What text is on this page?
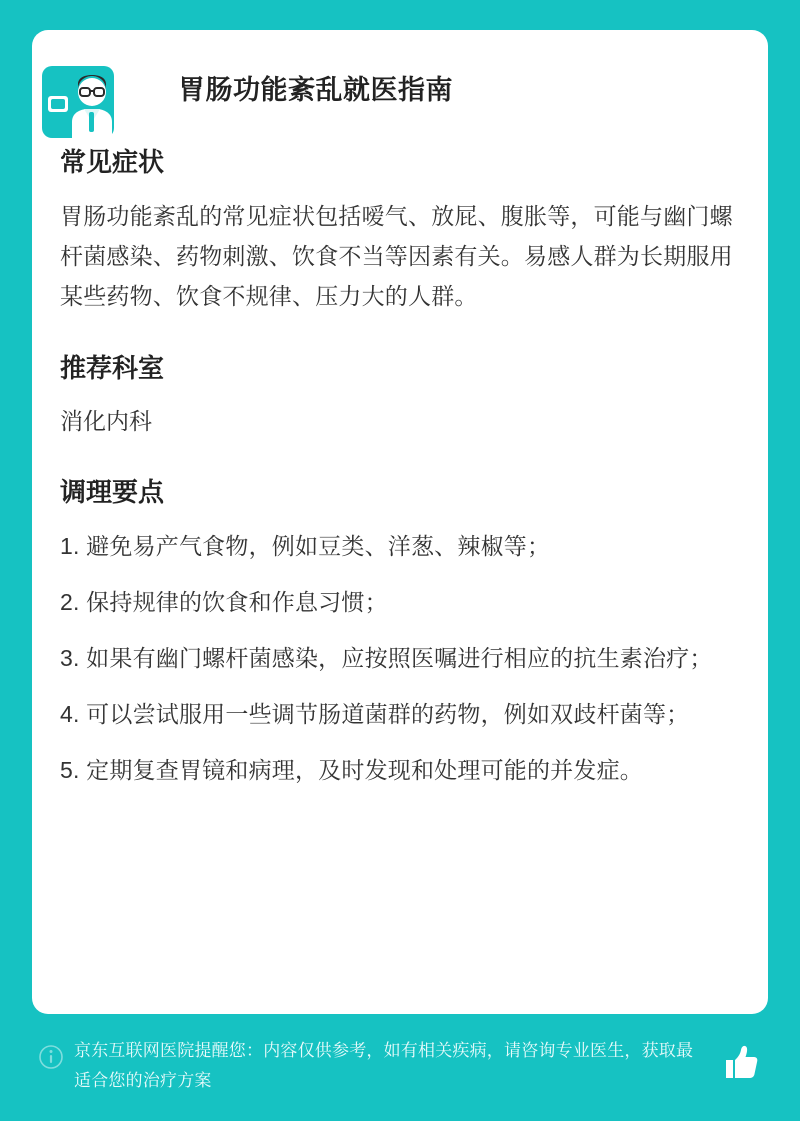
胃肠功能紊乱就医指南
常见症状

胃肠功能紊乱的常见症状包括嗳气、放屁、腹胀等，可能与幽门螺杆菌感染、药物刺激、饮食不当等因素有关。易感人群为长期服用某些药物、饮食不规律、压力大的人群。

推荐科室

消化内科

调理要点
1. 避免易产气食物，例如豆类、洋葱、辣椒等；
2. 保持规律的饮食和作息习惯；
3. 如果有幽门螺杆菌感染，应按照医嘱进行相应的抗生素治疗；
4. 可以尝试服用一些调节肠道菌群的药物，例如双歧杆菌等；
5. 定期复查胃镜和病理，及时发现和处理可能的并发症。
京东互联网医院提醒您：内容仅供参考，如有相关疾病，请咨询专业医生，获取最适合您的治疗方案
